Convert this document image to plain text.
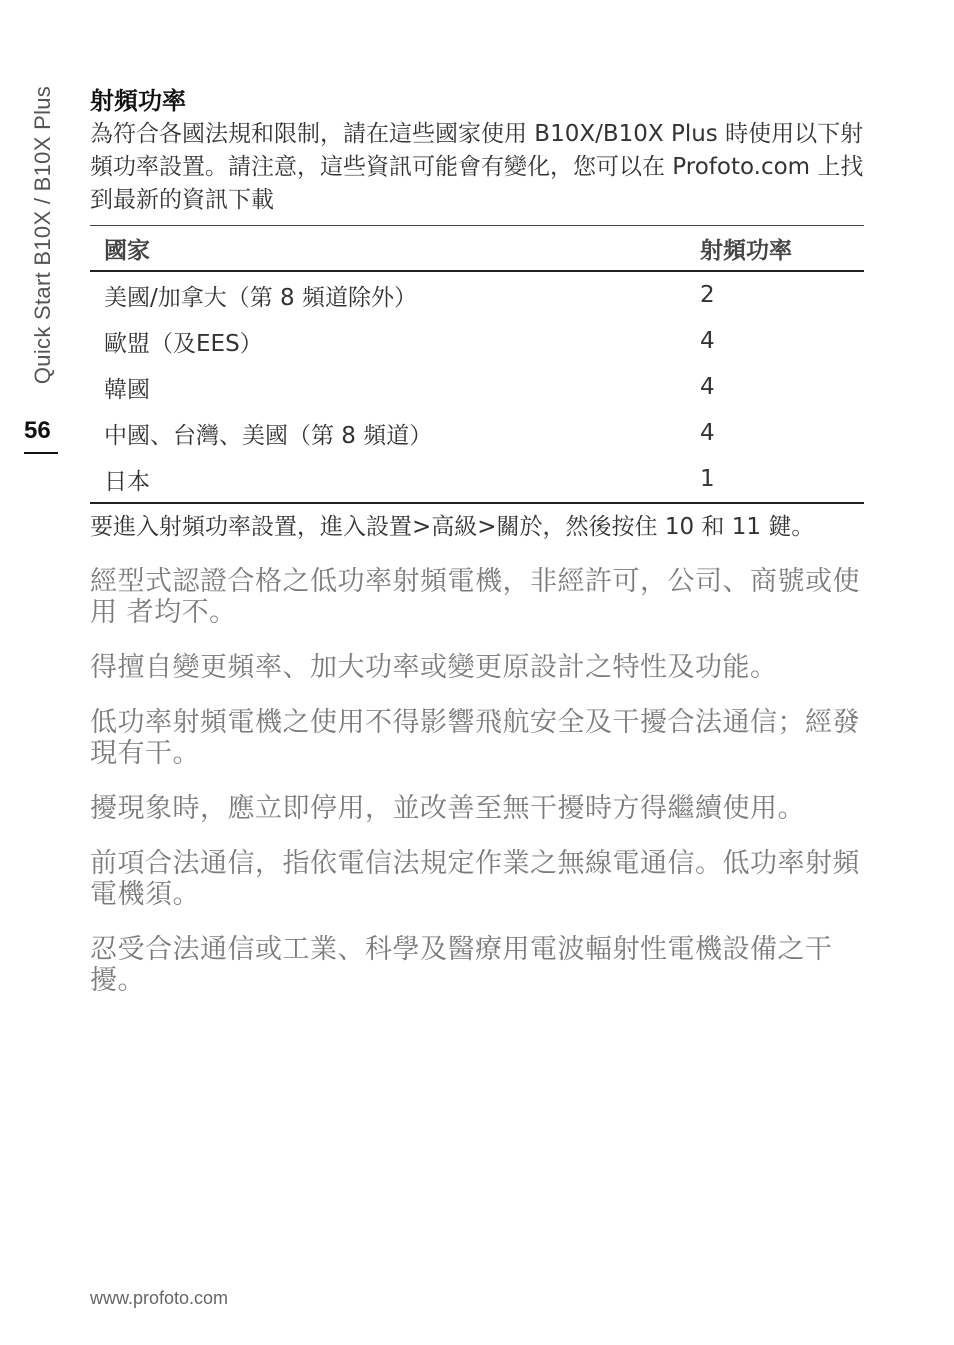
Quick Start B10X / B10X Plus
56
射頻功率

為符合各國法規和限制，請在這些國家使用 B10X/B10X Plus 時使用以下射頻功率設置。請注意，這些資訊可能會有變化，您可以在 Profoto.com 上找到最新的資訊下載

國家	射頻功率
美國/加拿大（第 8 頻道除外）	2
歐盟（及EES）	4
韓國	4
中國、台灣、美國（第 8 頻道）	4
日本	1

要進入射頻功率設置，進入設置>高級>關於，然後按住 10 和 11 鍵。

經型式認證合格之低功率射頻電機，非經許可，公司、商號或使用 者均不。

得擅自變更頻率、加大功率或變更原設計之特性及功能。

低功率射頻電機之使用不得影響飛航安全及干擾合法通信；經發 現有干。

擾現象時，應立即停用，並改善至無干擾時方得繼續使用。

前項合法通信，指依電信法規定作業之無線電通信。低功率射頻 電機須。

忍受合法通信或工業、科學及醫療用電波輻射性電機設備之干擾。

www.profoto.com
